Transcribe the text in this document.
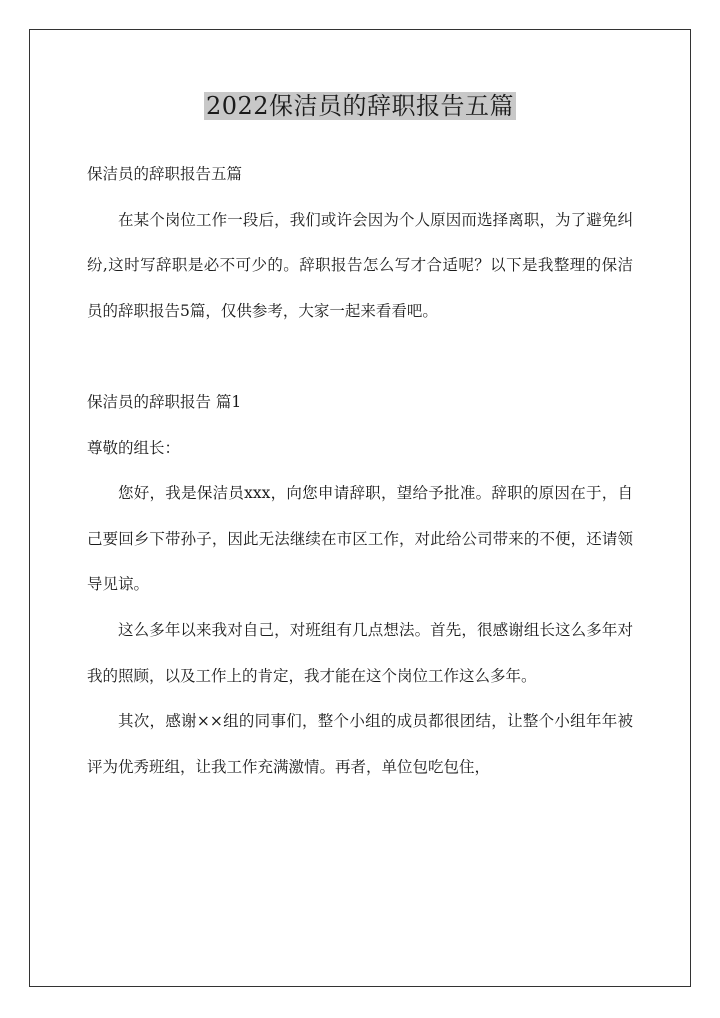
2022保洁员的辞职报告五篇

保洁员的辞职报告五篇

在某个岗位工作一段后，我们或许会因为个人原因而选择离职，为了避免纠纷,这时写辞职是必不可少的。辞职报告怎么写才合适呢？以下是我整理的保洁员的辞职报告5篇，仅供参考，大家一起来看看吧。

保洁员的辞职报告 篇1

尊敬的组长：

您好，我是保洁员xxx，向您申请辞职，望给予批准。辞职的原因在于，自己要回乡下带孙子，因此无法继续在市区工作，对此给公司带来的不便，还请领导见谅。

这么多年以来我对自己，对班组有几点想法。首先，很感谢组长这么多年对我的照顾，以及工作上的肯定，我才能在这个岗位工作这么多年。

其次，感谢××组的同事们，整个小组的成员都很团结，让整个小组年年被评为优秀班组，让我工作充满激情。再者，单位包吃包住，
